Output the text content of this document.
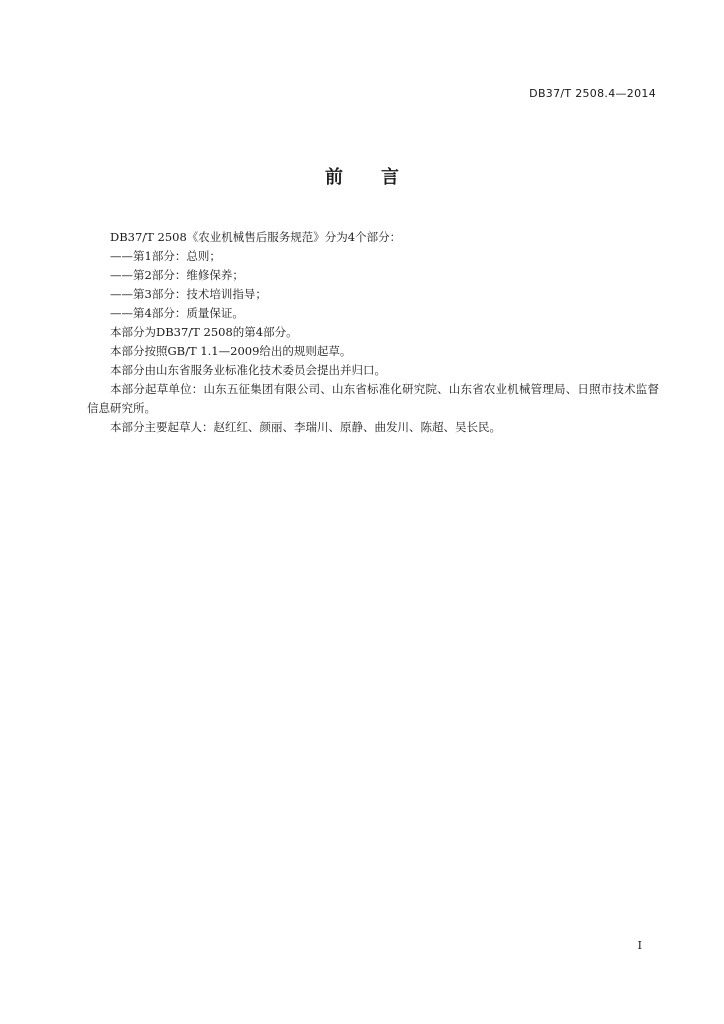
DB37/T 2508.4—2014
前 言

DB37/T 2508《农业机械售后服务规范》分为4个部分：

——第1部分：总则；

——第2部分：维修保养；

——第3部分：技术培训指导；

——第4部分：质量保证。

本部分为DB37/T 2508的第4部分。

本部分按照GB/T 1.1—2009给出的规则起草。

本部分由山东省服务业标准化技术委员会提出并归口。

本部分起草单位：山东五征集团有限公司、山东省标准化研究院、山东省农业机械管理局、日照市技术监督信息研究所。

本部分主要起草人：赵红红、颜丽、李瑞川、原静、曲发川、陈超、吴长民。

I
